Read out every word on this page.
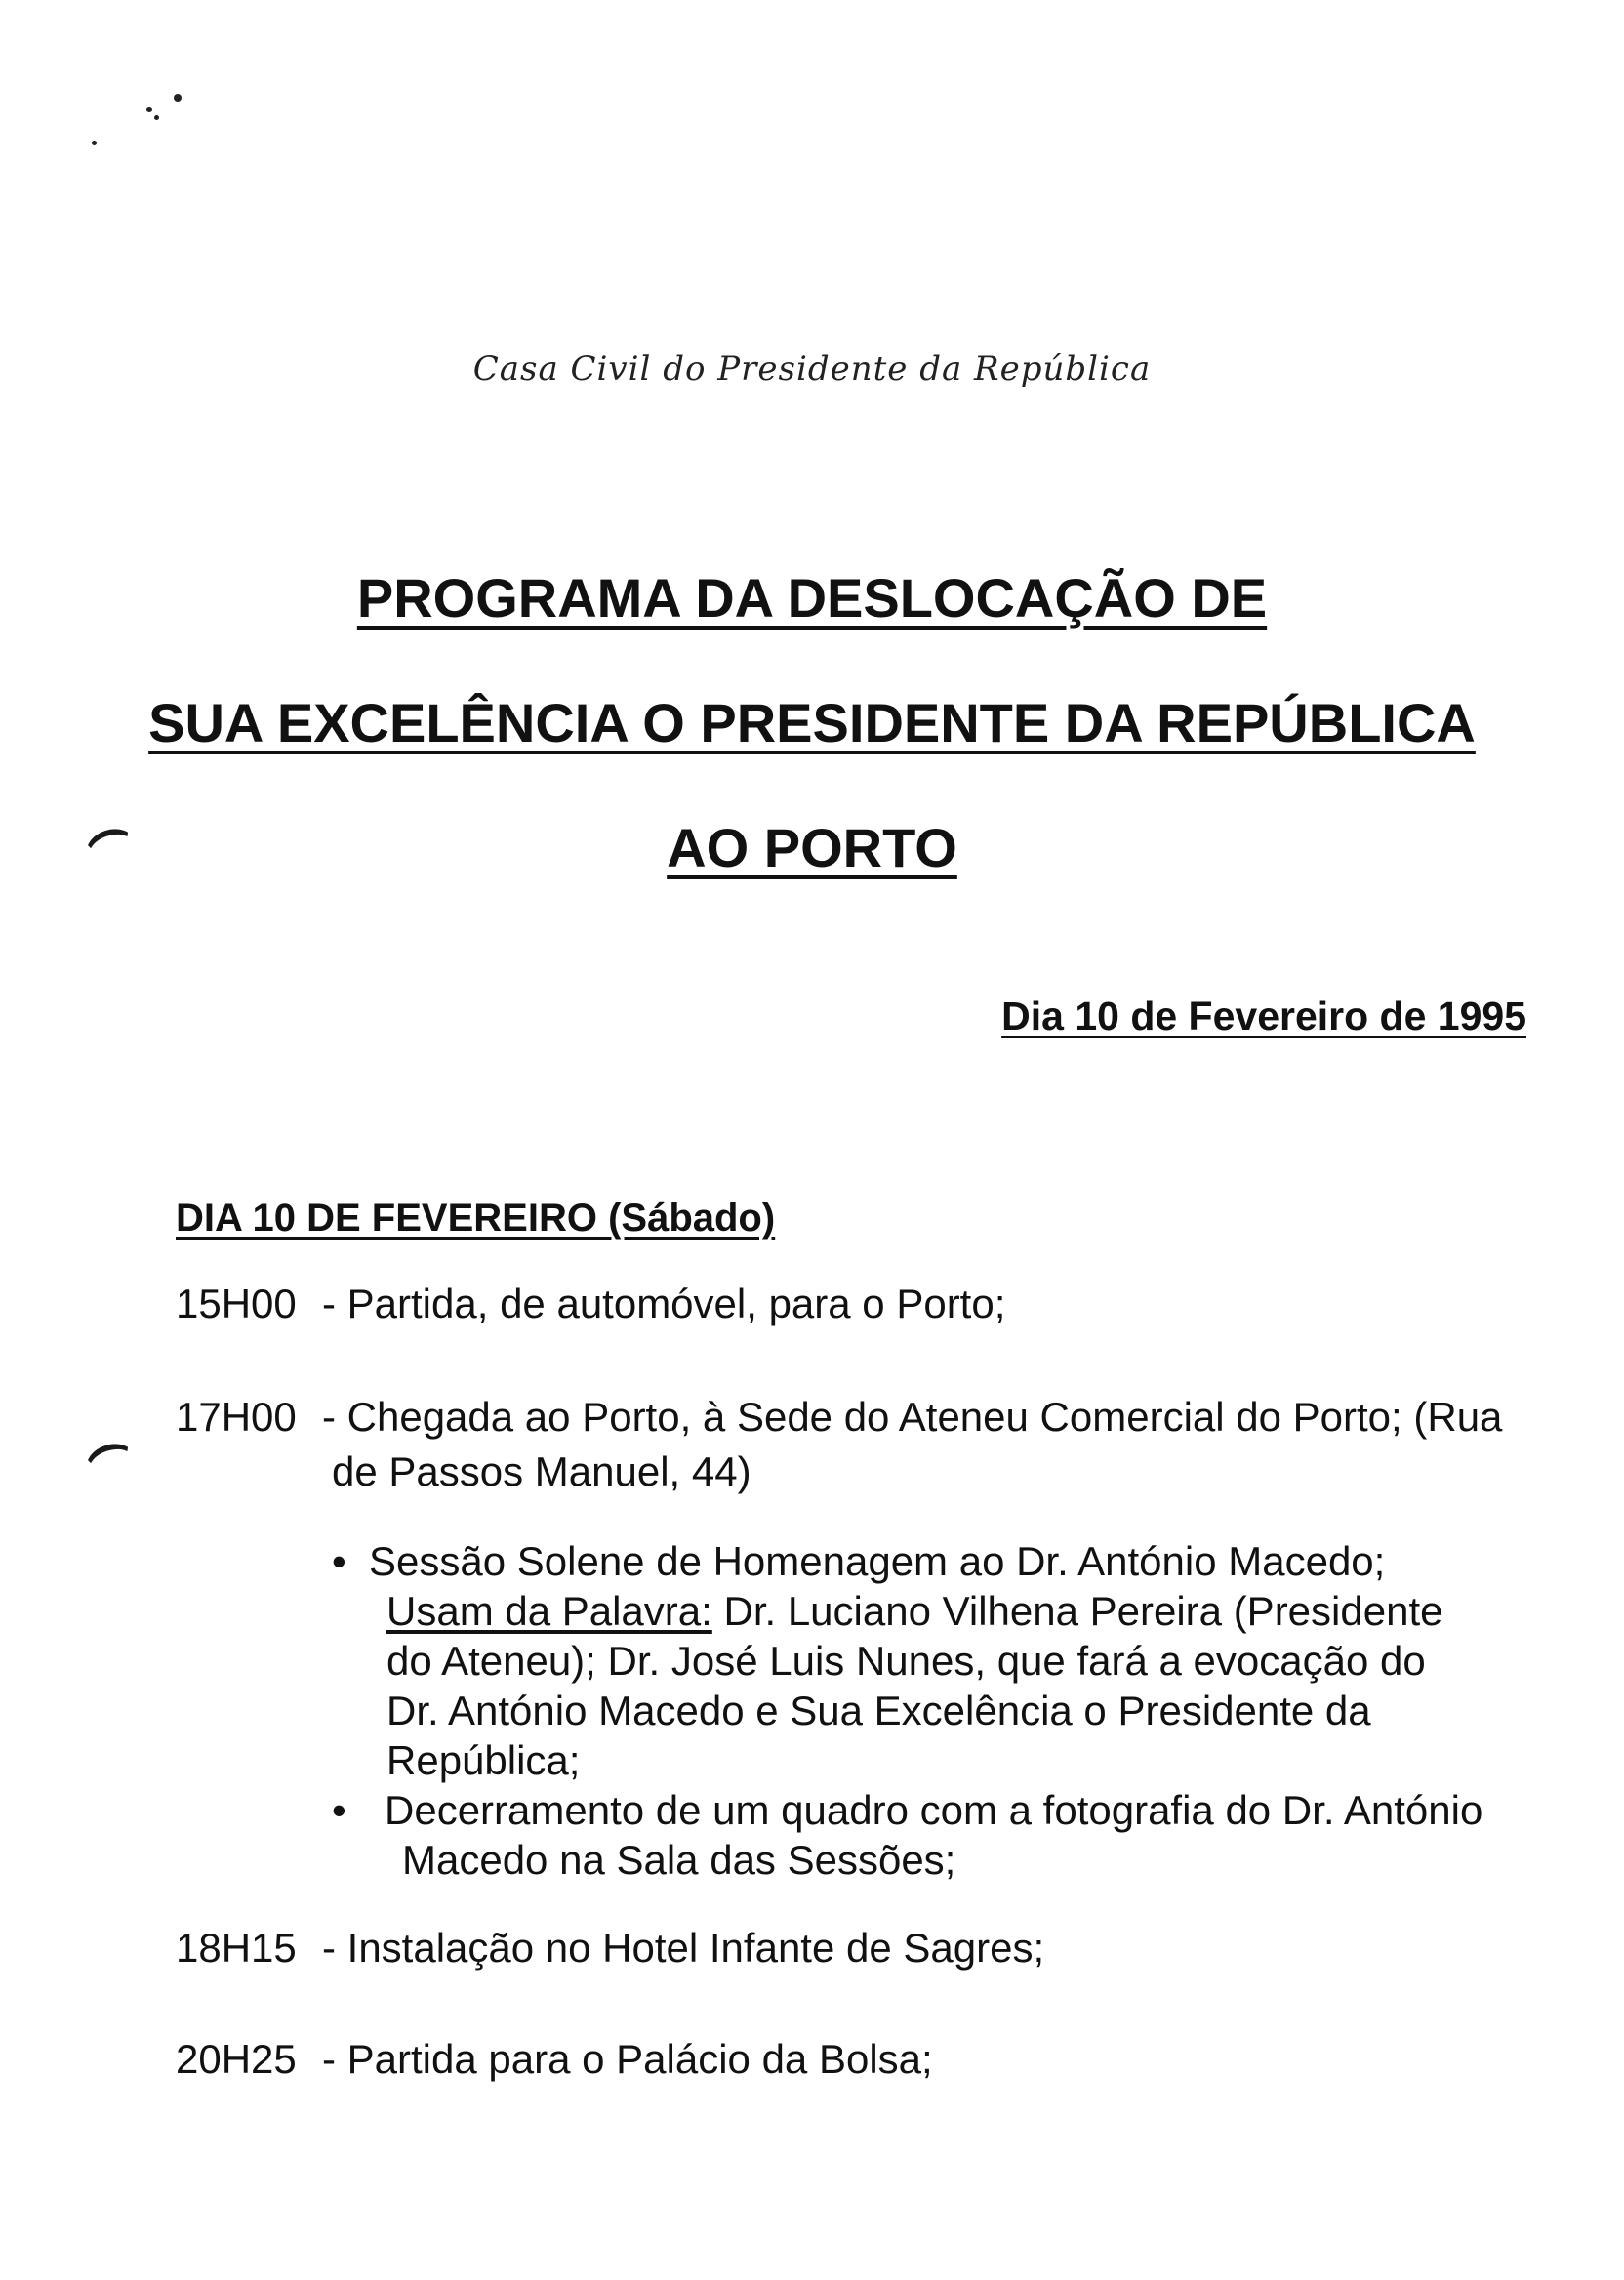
Casa Civil do Presidente da República
PROGRAMA DA DESLOCAÇÃO DE
SUA EXCELÊNCIA O PRESIDENTE DA REPÚBLICA
AO PORTO
Dia 10 de Fevereiro de 1995
DIA 10 DE FEVEREIRO (Sábado)
15H00 - Partida, de automóvel, para o Porto;
17H00 - Chegada ao Porto, à Sede do Ateneu Comercial do Porto; (Rua
de Passos Manuel, 44)
• Sessão Solene de Homenagem ao Dr. António Macedo;
Usam da Palavra: Dr. Luciano Vilhena Pereira (Presidente
do Ateneu); Dr. José Luis Nunes, que fará a evocação do
Dr. António Macedo e Sua Excelência o Presidente da
República;
• Decerramento de um quadro com a fotografia do Dr. António
Macedo na Sala das Sessões;
18H15 - Instalação no Hotel Infante de Sagres;
20H25 - Partida para o Palácio da Bolsa;
